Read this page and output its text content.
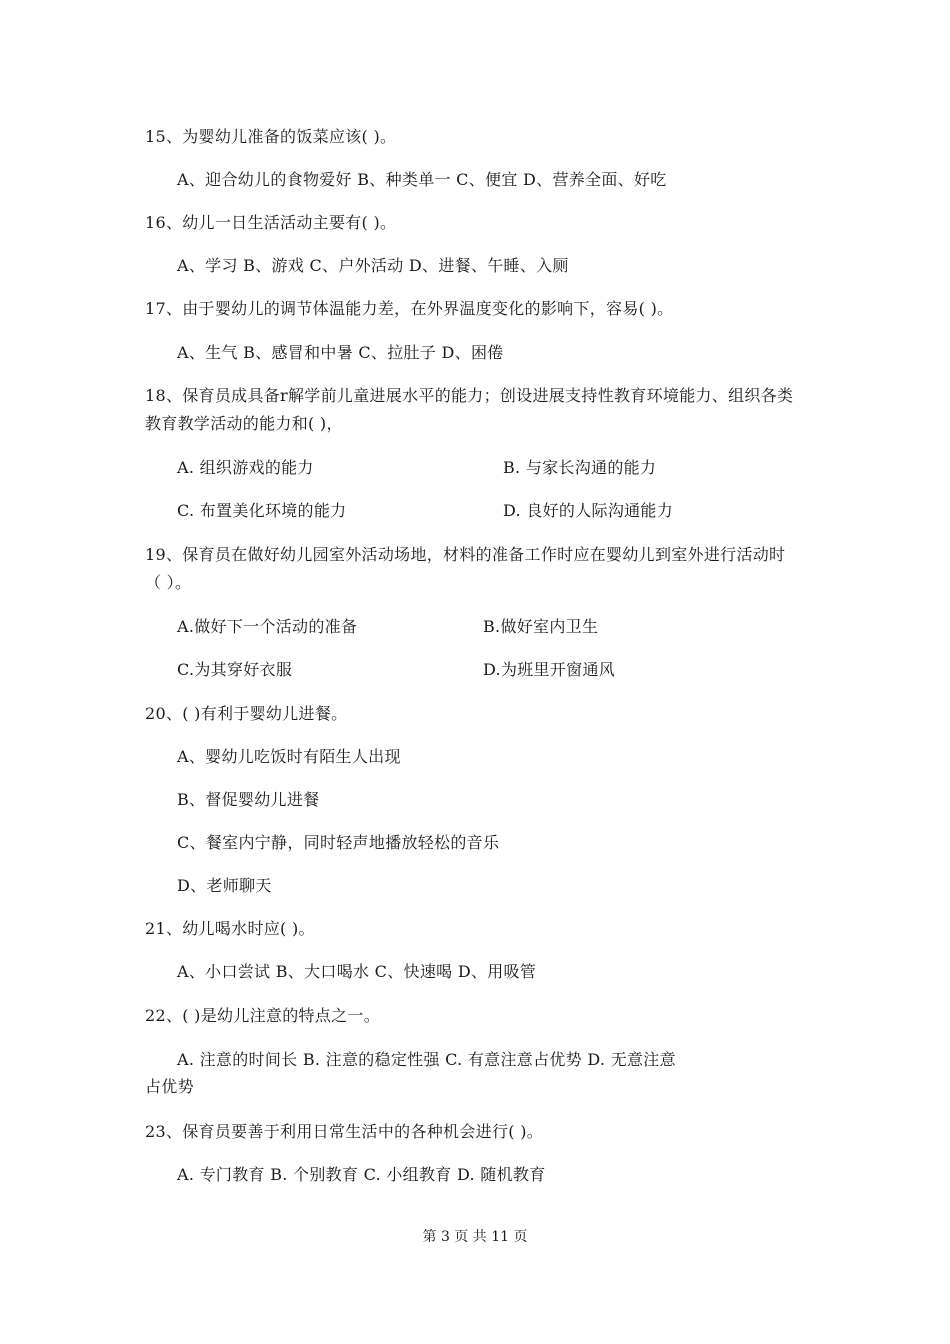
15、为婴幼儿准备的饭菜应该( )。
A、迎合幼儿的食物爱好 B、种类单一 C、便宜 D、营养全面、好吃
16、幼儿一日生活活动主要有( )。
A、学习 B、游戏 C、户外活动 D、进餐、午睡、入厕
17、由于婴幼儿的调节体温能力差，在外界温度变化的影响下，容易( )。
A、生气 B、感冒和中暑 C、拉肚子 D、困倦
18、保育员成具备r解学前儿童进展水平的能力；创设进展支持性教育环境能力、组织各类
教育教学活动的能力和( )，
A. 组织游戏的能力	B. 与家长沟通的能力
C. 布置美化环境的能力	D. 良好的人际沟通能力
19、保育员在做好幼儿园室外活动场地，材料的准备工作时应在婴幼儿到室外进行活动时
（ ）。
A.做好下一个活动的准备	B.做好室内卫生
C.为其穿好衣服	D.为班里开窗通风
20、( )有利于婴幼儿进餐。
A、婴幼儿吃饭时有陌生人出现
B、督促婴幼儿进餐
C、餐室内宁静，同时轻声地播放轻松的音乐
D、老师聊天
21、幼儿喝水时应( )。
A、小口尝试 B、大口喝水 C、快速喝 D、用吸管
22、( )是幼儿注意的特点之一。
A. 注意的时间长 B. 注意的稳定性强 C. 有意注意占优势 D. 无意注意
占优势
23、保育员要善于利用日常生活中的各种机会进行( )。
A. 专门教育 B. 个别教育 C. 小组教育 D. 随机教育
第 3 页 共 11 页
